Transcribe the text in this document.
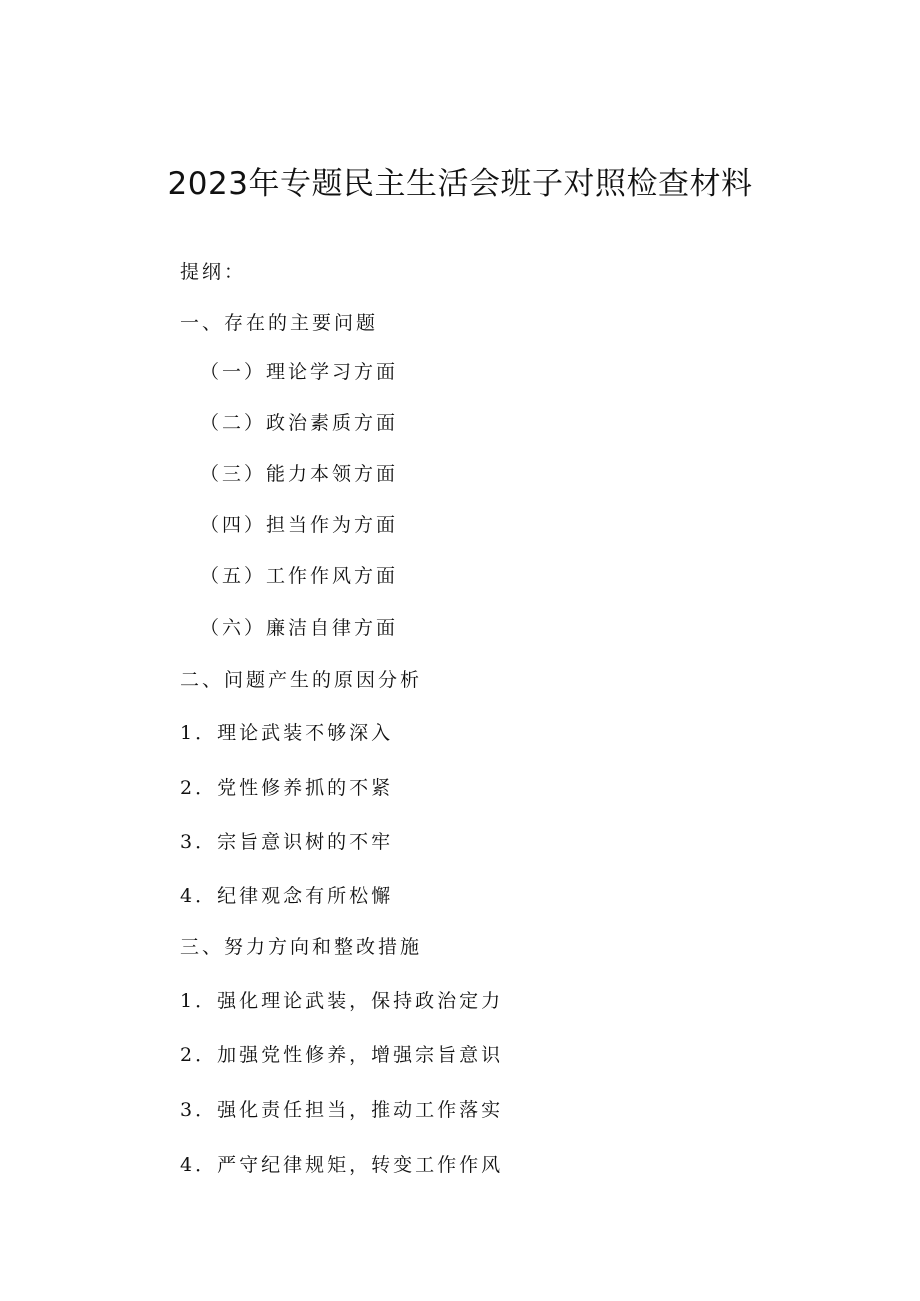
2023年专题民主生活会班子对照检查材料
提纲：
一、存在的主要问题
（一）理论学习方面
（二）政治素质方面
（三）能力本领方面
（四）担当作为方面
（五）工作作风方面
（六）廉洁自律方面
二、问题产生的原因分析
1．理论武装不够深入
2．党性修养抓的不紧
3．宗旨意识树的不牢
4．纪律观念有所松懈
三、努力方向和整改措施
1．强化理论武装，保持政治定力
2．加强党性修养，增强宗旨意识
3．强化责任担当，推动工作落实
4．严守纪律规矩，转变工作作风
